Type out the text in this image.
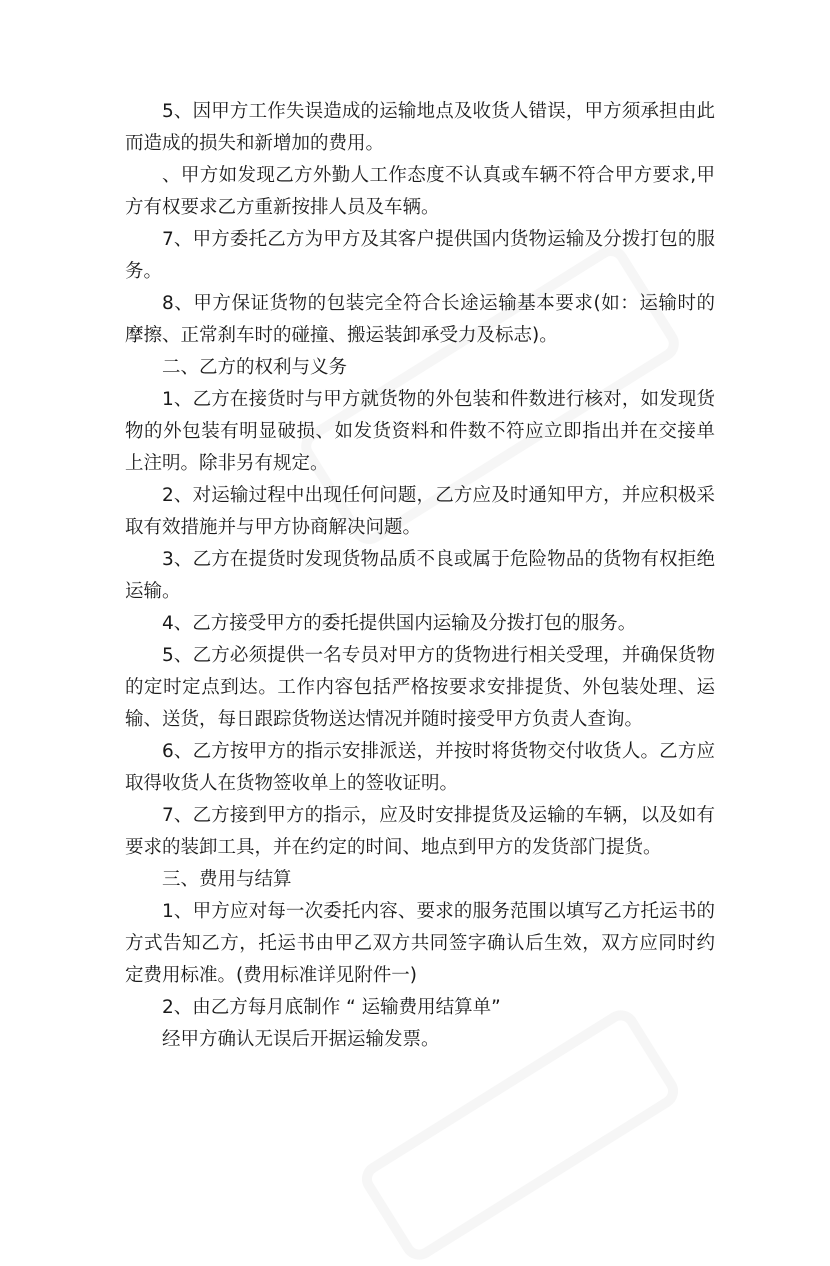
5、因甲方工作失误造成的运输地点及收货人错误，甲方须承担由此而造成的损失和新增加的费用。

、甲方如发现乙方外勤人工作态度不认真或车辆不符合甲方要求,甲方有权要求乙方重新按排人员及车辆。

7、甲方委托乙方为甲方及其客户提供国内货物运输及分拨打包的服务。

8、甲方保证货物的包装完全符合长途运输基本要求(如：运输时的摩擦、正常刹车时的碰撞、搬运装卸承受力及标志)。

二、乙方的权利与义务

1、乙方在接货时与甲方就货物的外包装和件数进行核对，如发现货物的外包装有明显破损、如发货资料和件数不符应立即指出并在交接单上注明。除非另有规定。

2、对运输过程中出现任何问题，乙方应及时通知甲方，并应积极采取有效措施并与甲方协商解决问题。

3、乙方在提货时发现货物品质不良或属于危险物品的货物有权拒绝运输。

4、乙方接受甲方的委托提供国内运输及分拨打包的服务。

5、乙方必须提供一名专员对甲方的货物进行相关受理，并确保货物的定时定点到达。工作内容包括严格按要求安排提货、外包装处理、运输、送货，每日跟踪货物送达情况并随时接受甲方负责人查询。

6、乙方按甲方的指示安排派送，并按时将货物交付收货人。乙方应取得收货人在货物签收单上的签收证明。

7、乙方接到甲方的指示，应及时安排提货及运输的车辆，以及如有要求的装卸工具，并在约定的时间、地点到甲方的发货部门提货。

三、费用与结算

1、甲方应对每一次委托内容、要求的服务范围以填写乙方托运书的方式告知乙方，托运书由甲乙双方共同签字确认后生效，双方应同时约定费用标准。(费用标准详见附件一)

2、由乙方每月底制作 “ 运输费用结算单”

经甲方确认无误后开据运输发票。
